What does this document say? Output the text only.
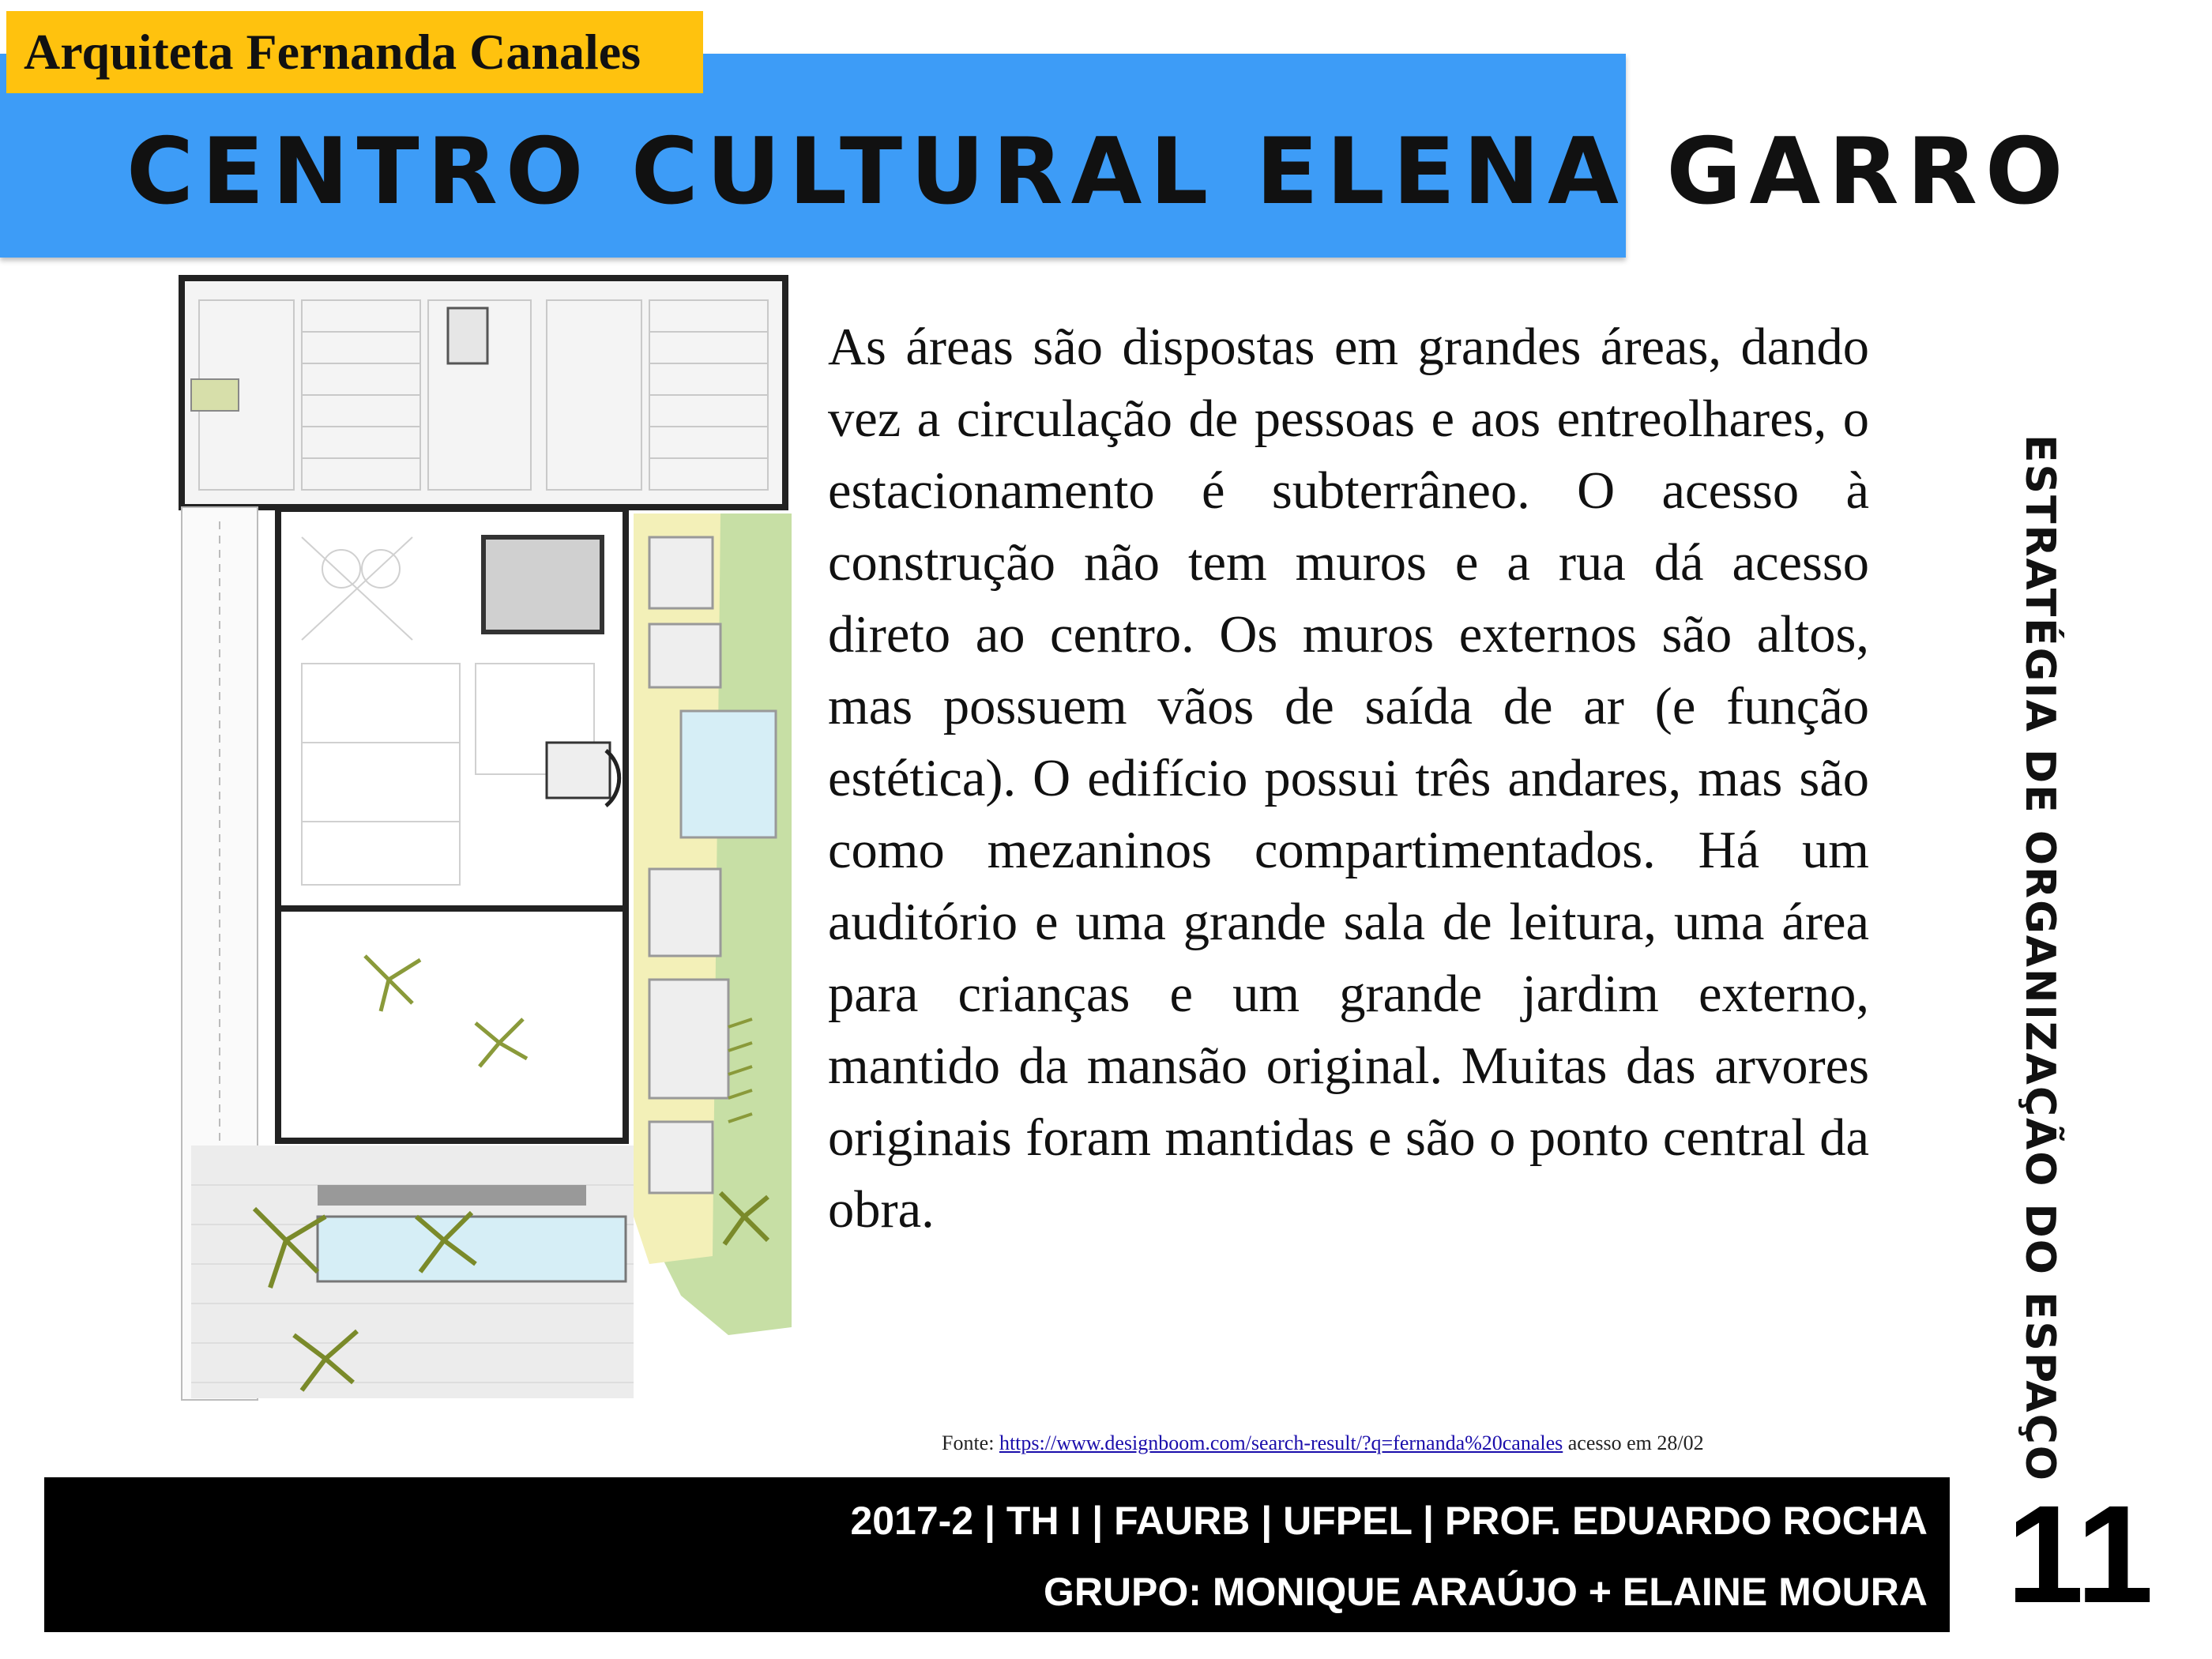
CENTRO CULTURAL ELENA GARRO
Arquiteta Fernanda Canales

As áreas são dispostas em grandes áreas, dando vez a circulação de pessoas e aos entreolhares, o estacionamento é subterrâneo. O acesso à construção não tem muros e a rua dá acesso direto ao centro. Os muros externos são altos, mas possuem vãos de saída de ar (e função estética). O edifício possui três andares, mas são como mezaninos compartimentados. Há um auditório e uma grande sala de leitura, uma área para crianças e um grande jardim externo, mantido da mansão original. Muitas das arvores originais foram mantidas e são o ponto central da obra.	ESTRATÉGIA DE ORGANIZAÇÃO DO ESPAÇO
Fonte: https://www.designboom.com/search-result/?q=fernanda%20canales acesso em 28/02
2017-2 | TH I | FAURB | UFPEL | PROF. EDUARDO ROCHA
GRUPO: MONIQUE ARAÚJO + ELAINE MOURA 11
